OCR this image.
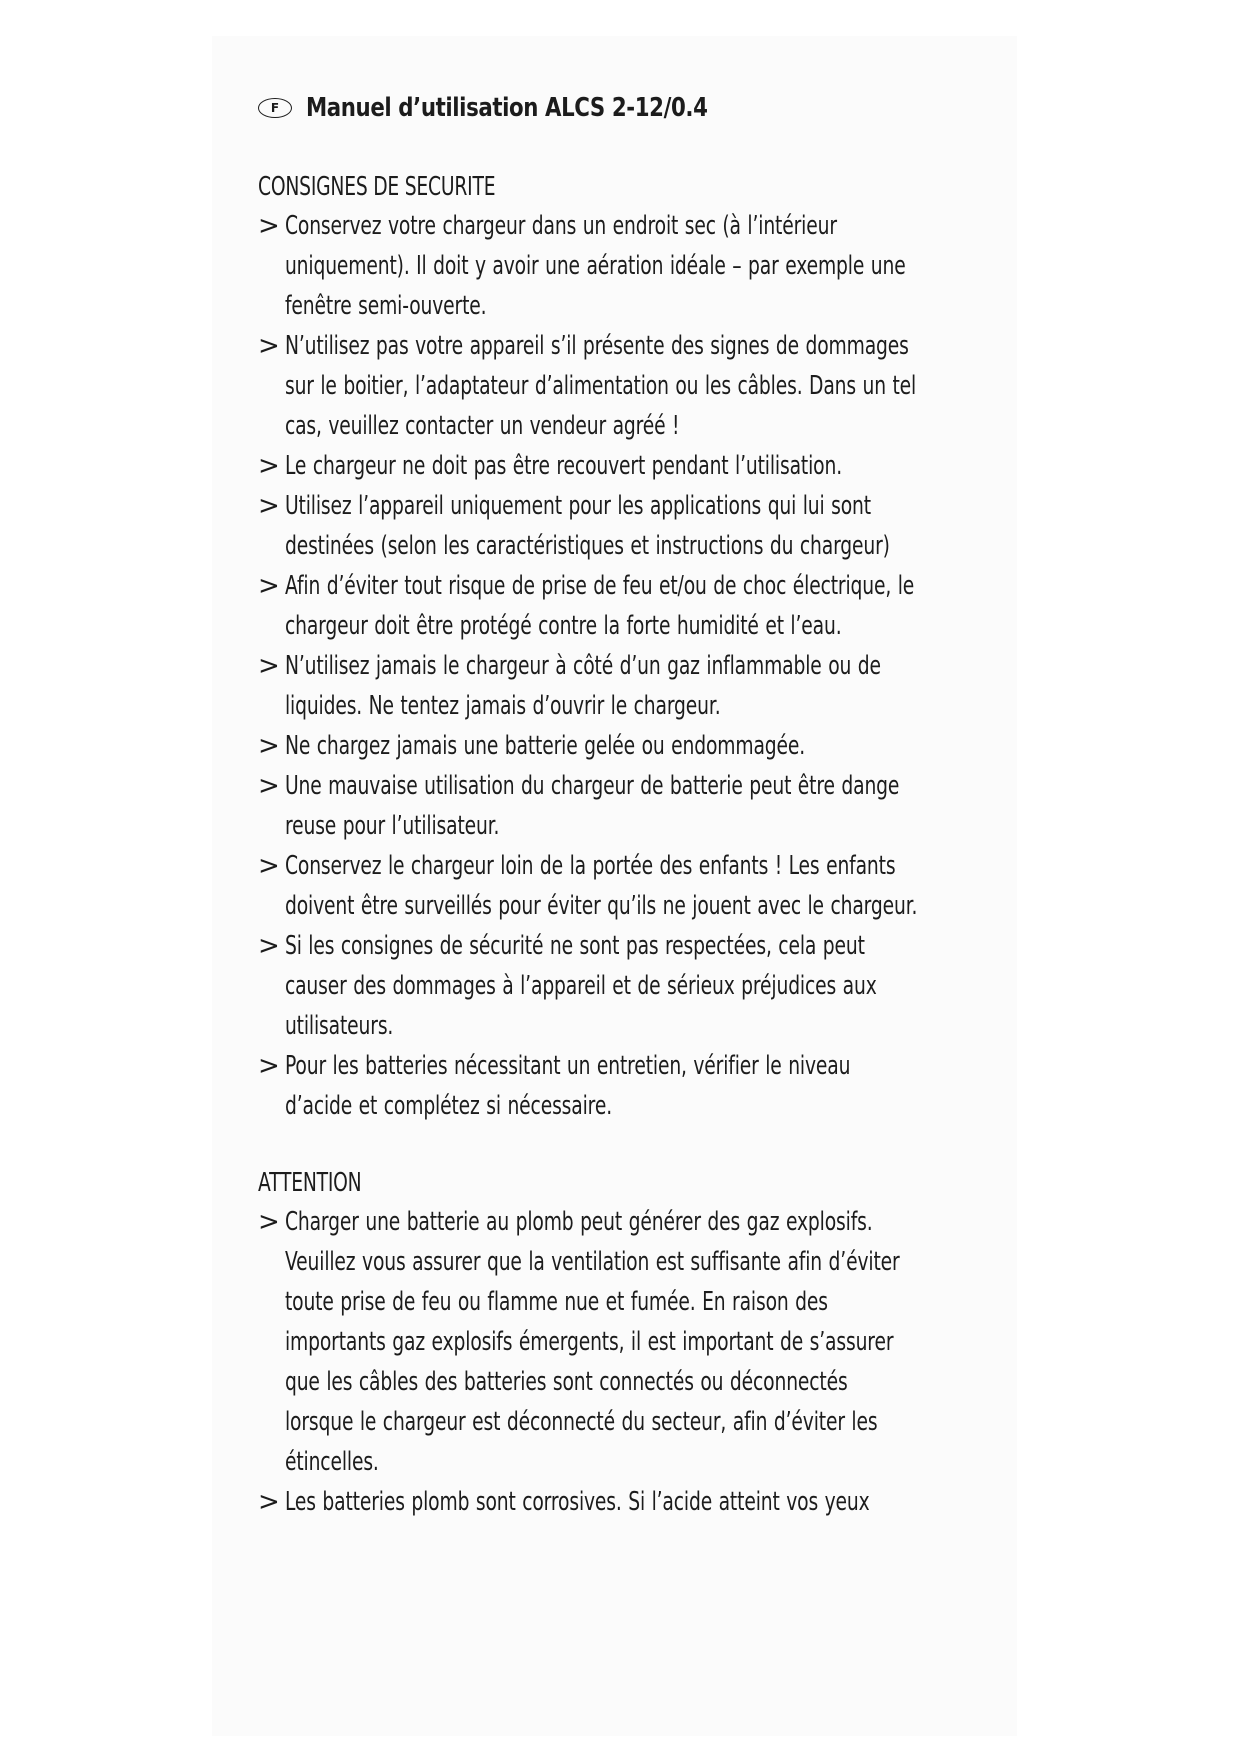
F	Manuel d’utilisation ALCS 2-12/0.4
CONSIGNES DE SECURITE
> Conservez votre chargeur dans un endroit sec (à l’intérieur uniquement). Il doit y avoir une aération idéale – par exemple une fenêtre semi-ouverte.
> N’utilisez pas votre appareil s’il présente des signes de dommages sur le boitier, l’adaptateur d’alimentation ou les câbles. Dans un tel cas, veuillez contacter un vendeur agréé !
> Le chargeur ne doit pas être recouvert pendant l’utilisation.
> Utilisez l’appareil uniquement pour les applications qui lui sont destinées (selon les caractéristiques et instructions du chargeur)
> Afin d’éviter tout risque de prise de feu et/ou de choc électrique, le chargeur doit être protégé contre la forte humidité et l’eau.
> N’utilisez jamais le chargeur à côté d’un gaz inflammable ou de liquides. Ne tentez jamais d’ouvrir le chargeur.
> Ne chargez jamais une batterie gelée ou endommagée.
> Une mauvaise utilisation du chargeur de batterie peut être dange reuse pour l’utilisateur.
> Conservez le chargeur loin de la portée des enfants ! Les enfants doivent être surveillés pour éviter qu’ils ne jouent avec le chargeur.
> Si les consignes de sécurité ne sont pas respectées, cela peut causer des dommages à l’appareil et de sérieux préjudices aux utilisateurs.
> Pour les batteries nécessitant un entretien, vérifier le niveau d’acide et complétez si nécessaire.
ATTENTION
> Charger une batterie au plomb peut générer des gaz explosifs. Veuillez vous assurer que la ventilation est suffisante afin d’éviter toute prise de feu ou flamme nue et fumée. En raison des importants gaz explosifs émergents, il est important de s’assurer que les câbles des batteries sont connectés ou déconnectés lorsque le chargeur est déconnecté du secteur, afin d’éviter les étincelles.
> Les batteries plomb sont corrosives. Si l’acide atteint vos yeux
